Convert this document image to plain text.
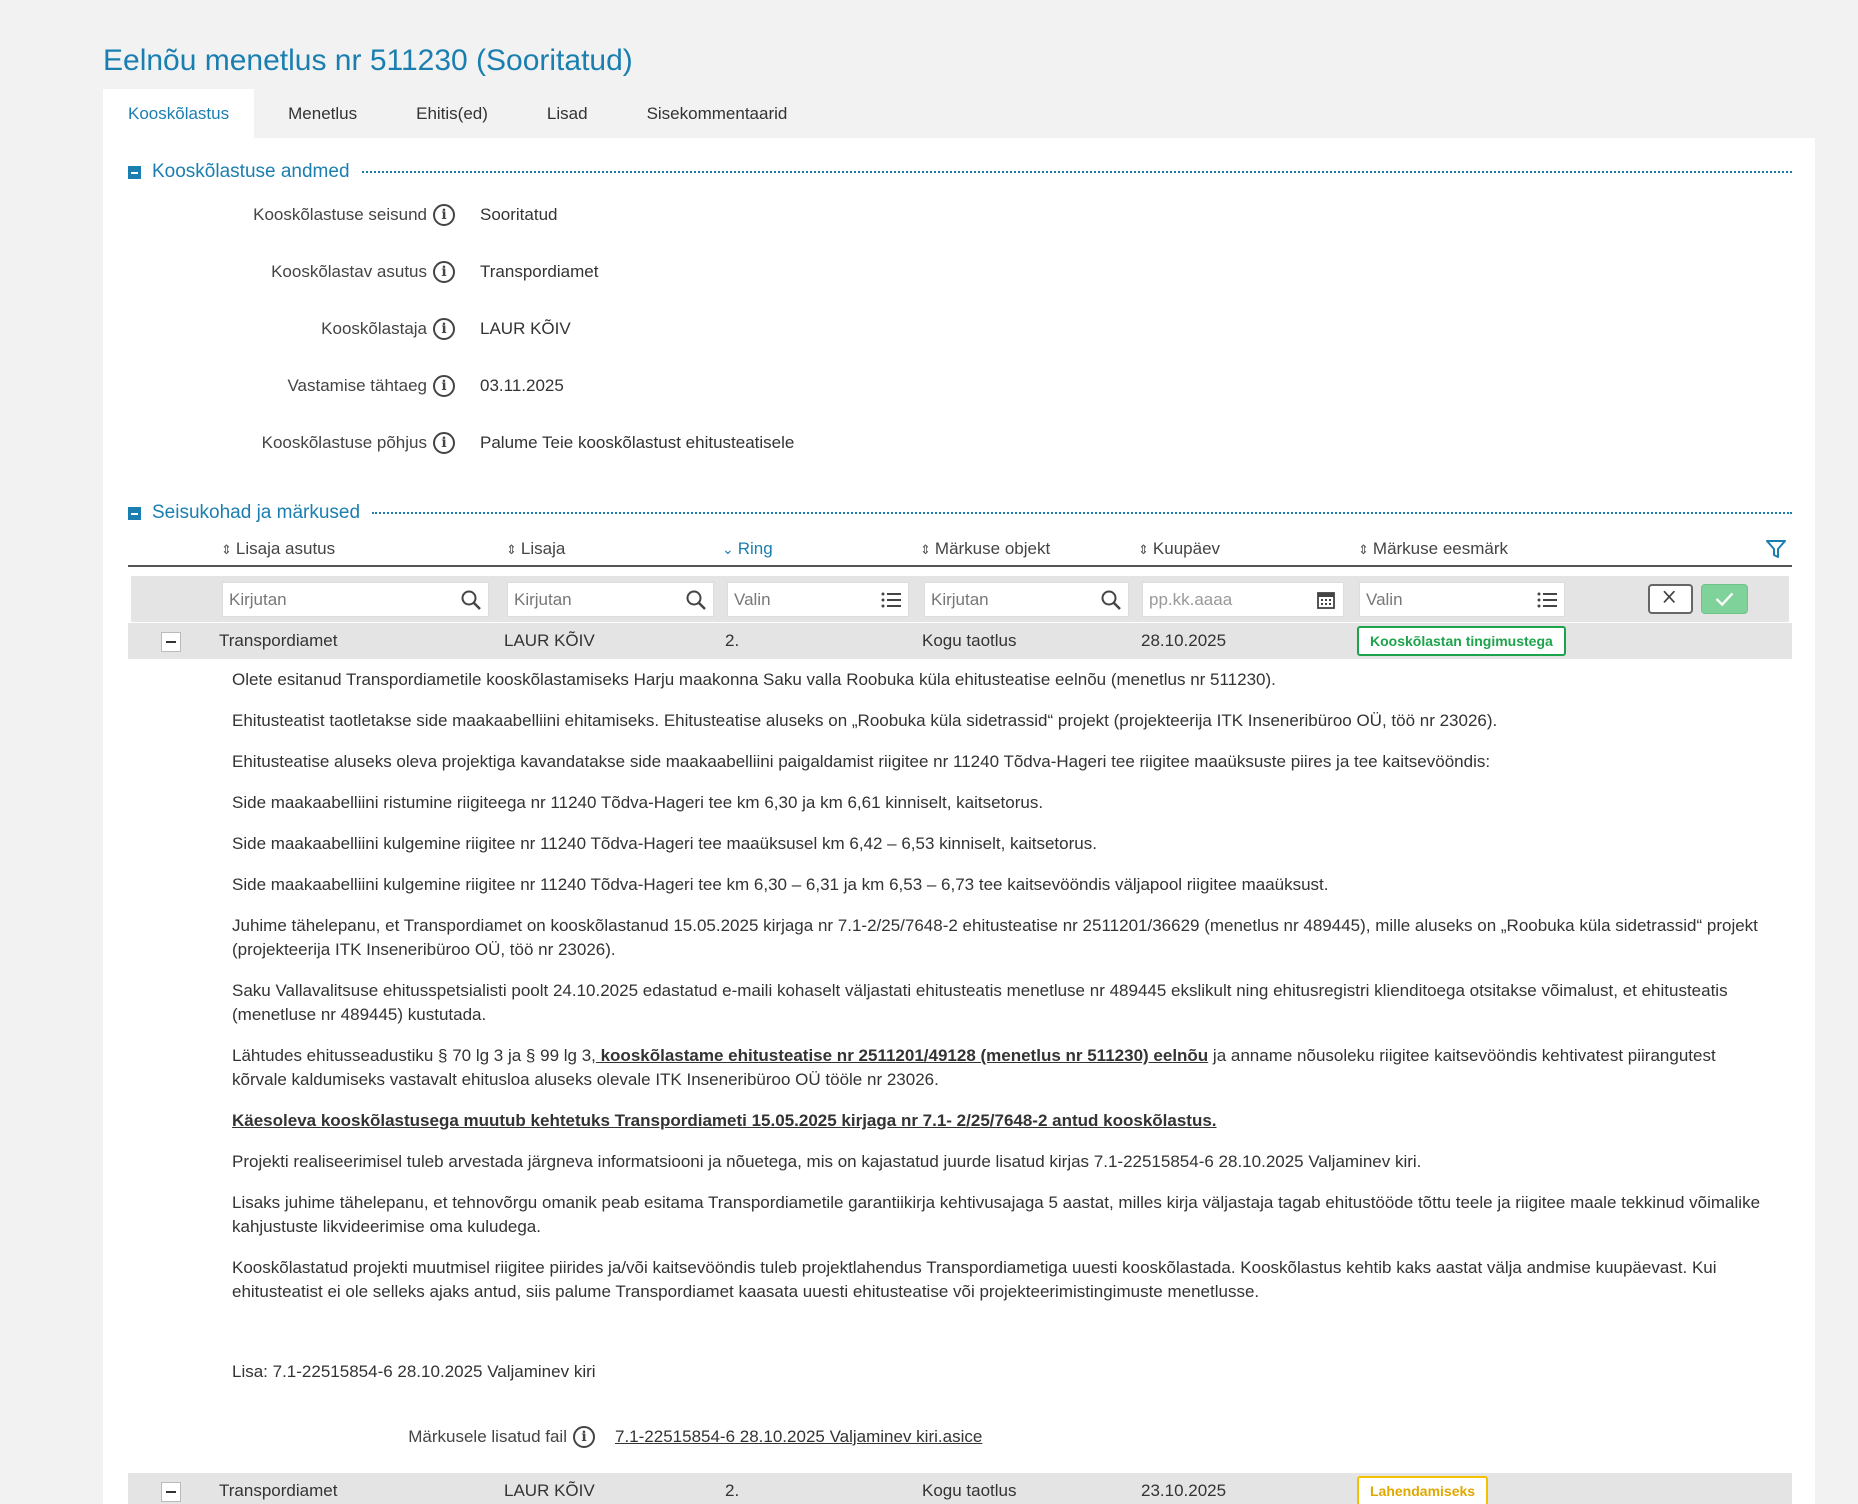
Eelnõu menetlus nr 511230 (Sooritatud)
Kooskõlastus	Menetlus	Ehitis(ed)	Lisad	Sisekommentaarid
Kooskõlastuse andmed
Kooskõlastuse seisund	i	Sooritatud
Kooskõlastav asutus	i	Transpordiamet
Kooskõlastaja	i	LAUR KÕIV
Vastamise tähtaeg	i	03.11.2025
Kooskõlastuse põhjus	i	Palume Teie kooskõlastust ehitusteatisele
Seisukohad ja märkused
⇕ Lisaja asutus	⇕ Lisaja	⌄ Ring	⇕ Märkuse objekt	⇕ Kuupäev	⇕ Märkuse eesmärk
Kirjutan	Kirjutan	Valin	Kirjutan	pp.kk.aaaa	Valin
Transpordiamet	LAUR KÕIV	2.	Kogu taotlus	28.10.2025	Kooskõlastan tingimustega

Olete esitanud Transpordiametile kooskõlastamiseks Harju maakonna Saku valla Roobuka küla ehitusteatise eelnõu (menetlus nr 511230).

Ehitusteatist taotletakse side maakaabelliini ehitamiseks. Ehitusteatise aluseks on „Roobuka küla sidetrassid“ projekt (projekteerija ITK Inseneribüroo OÜ, töö nr 23026).

Ehitusteatise aluseks oleva projektiga kavandatakse side maakaabelliini paigaldamist riigitee nr 11240 Tõdva-Hageri tee riigitee maaüksuste piires ja tee kaitsevööndis:

Side maakaabelliini ristumine riigiteega nr 11240 Tõdva-Hageri tee km 6,30 ja km 6,61 kinniselt, kaitsetorus.

Side maakaabelliini kulgemine riigitee nr 11240 Tõdva-Hageri tee maaüksusel km 6,42 – 6,53 kinniselt, kaitsetorus.

Side maakaabelliini kulgemine riigitee nr 11240 Tõdva-Hageri tee km 6,30 – 6,31 ja km 6,53 – 6,73 tee kaitsevööndis väljapool riigitee maaüksust.

Juhime tähelepanu, et Transpordiamet on kooskõlastanud 15.05.2025 kirjaga nr 7.1-2/25/7648-2 ehitusteatise nr 2511201/36629 (menetlus nr 489445), mille aluseks on „Roobuka küla sidetrassid“ projekt (projekteerija ITK Inseneribüroo OÜ, töö nr 23026).

Saku Vallavalitsuse ehitusspetsialisti poolt 24.10.2025 edastatud e-maili kohaselt väljastati ehitusteatis menetluse nr 489445 ekslikult ning ehitusregistri klienditoega otsitakse võimalust, et ehitusteatis (menetluse nr 489445) kustutada.

Lähtudes ehitusseadustiku § 70 lg 3 ja § 99 lg 3, kooskõlastame ehitusteatise nr 2511201/49128 (menetlus nr 511230) eelnõu ja anname nõusoleku riigitee kaitsevööndis kehtivatest piirangutest kõrvale kaldumiseks vastavalt ehitusloa aluseks olevale ITK Inseneribüroo OÜ tööle nr 23026.

Käesoleva kooskõlastusega muutub kehtetuks Transpordiameti 15.05.2025 kirjaga nr 7.1- 2/25/7648-2 antud kooskõlastus.

Projekti realiseerimisel tuleb arvestada järgneva informatsiooni ja nõuetega, mis on kajastatud juurde lisatud kirjas 7.1-22515854-6 28.10.2025 Valjaminev kiri.

Lisaks juhime tähelepanu, et tehnovõrgu omanik peab esitama Transpordiametile garantiikirja kehtivusajaga 5 aastat, milles kirja väljastaja tagab ehitustööde tõttu teele ja riigitee maale tekkinud võimalike kahjustuste likvideerimise oma kuludega.

Kooskõlastatud projekti muutmisel riigitee piirides ja/või kaitsevööndis tuleb projektlahendus Transpordiametiga uuesti kooskõlastada. Kooskõlastus kehtib kaks aastat välja andmise kuupäevast. Kui ehitusteatist ei ole selleks ajaks antud, siis palume Transpordiamet kaasata uuesti ehitusteatise või projekteerimistingimuste menetlusse.

Lisa: 7.1-22515854-6 28.10.2025 Valjaminev kiri

Märkusele lisatud fail	i	7.1-22515854-6 28.10.2025 Valjaminev kiri.asice
Transpordiamet	LAUR KÕIV	2.	Kogu taotlus	23.10.2025	Lahendamiseks
